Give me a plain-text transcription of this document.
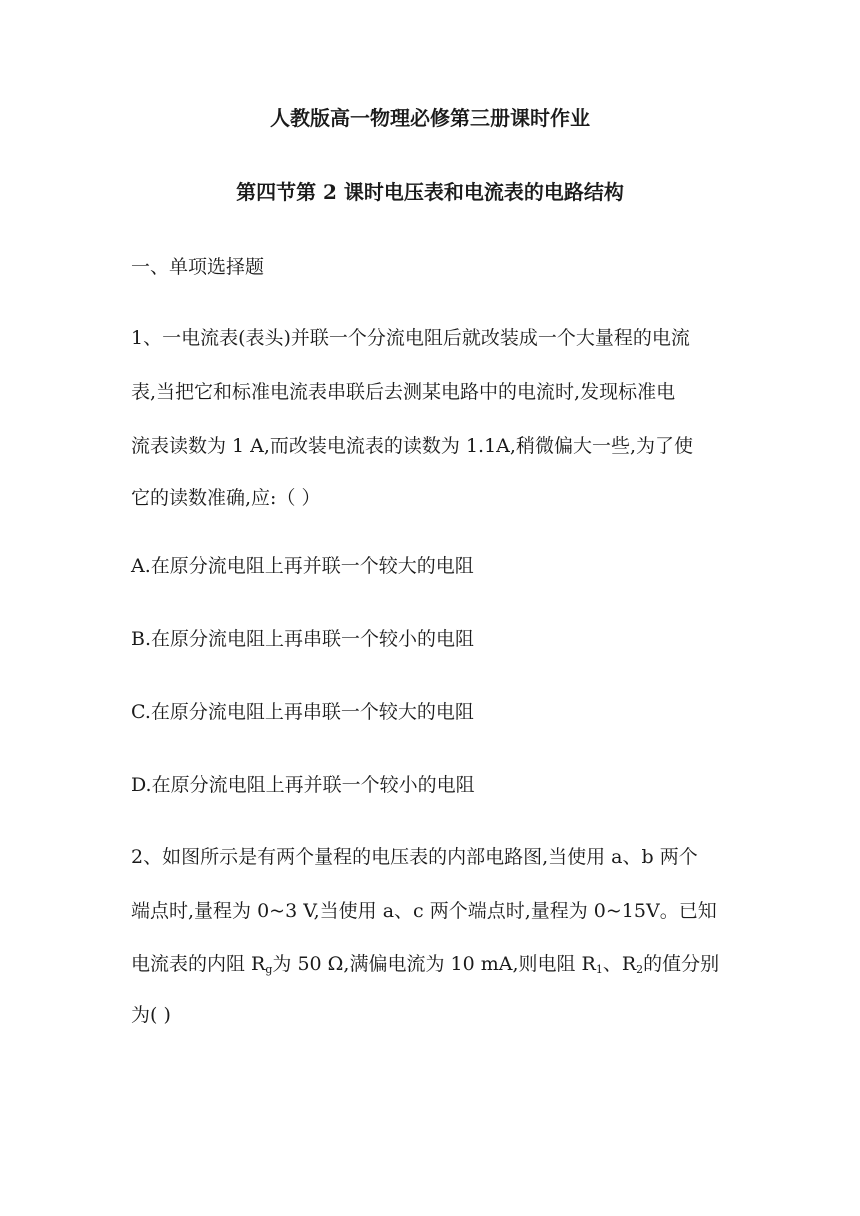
人教版高一物理必修第三册课时作业
第四节第 2 课时电压表和电流表的电路结构
一、单项选择题
1、一电流表(表头)并联一个分流电阻后就改装成一个大量程的电流
表,当把它和标准电流表串联后去测某电路中的电流时,发现标准电
流表读数为 1 A,而改装电流表的读数为 1.1A,稍微偏大一些,为了使
它的读数准确,应:（ ）
A.在原分流电阻上再并联一个较大的电阻
B.在原分流电阻上再串联一个较小的电阻
C.在原分流电阻上再串联一个较大的电阻
D.在原分流电阻上再并联一个较小的电阻
2、如图所示是有两个量程的电压表的内部电路图,当使用 a、b 两个
端点时,量程为 0~3 V,当使用 a、c 两个端点时,量程为 0~15V。已知
电流表的内阻 $R_g$为 50 Ω,满偏电流为 10 mA,则电阻 $R_1$、$R_2$的值分别
为( )
